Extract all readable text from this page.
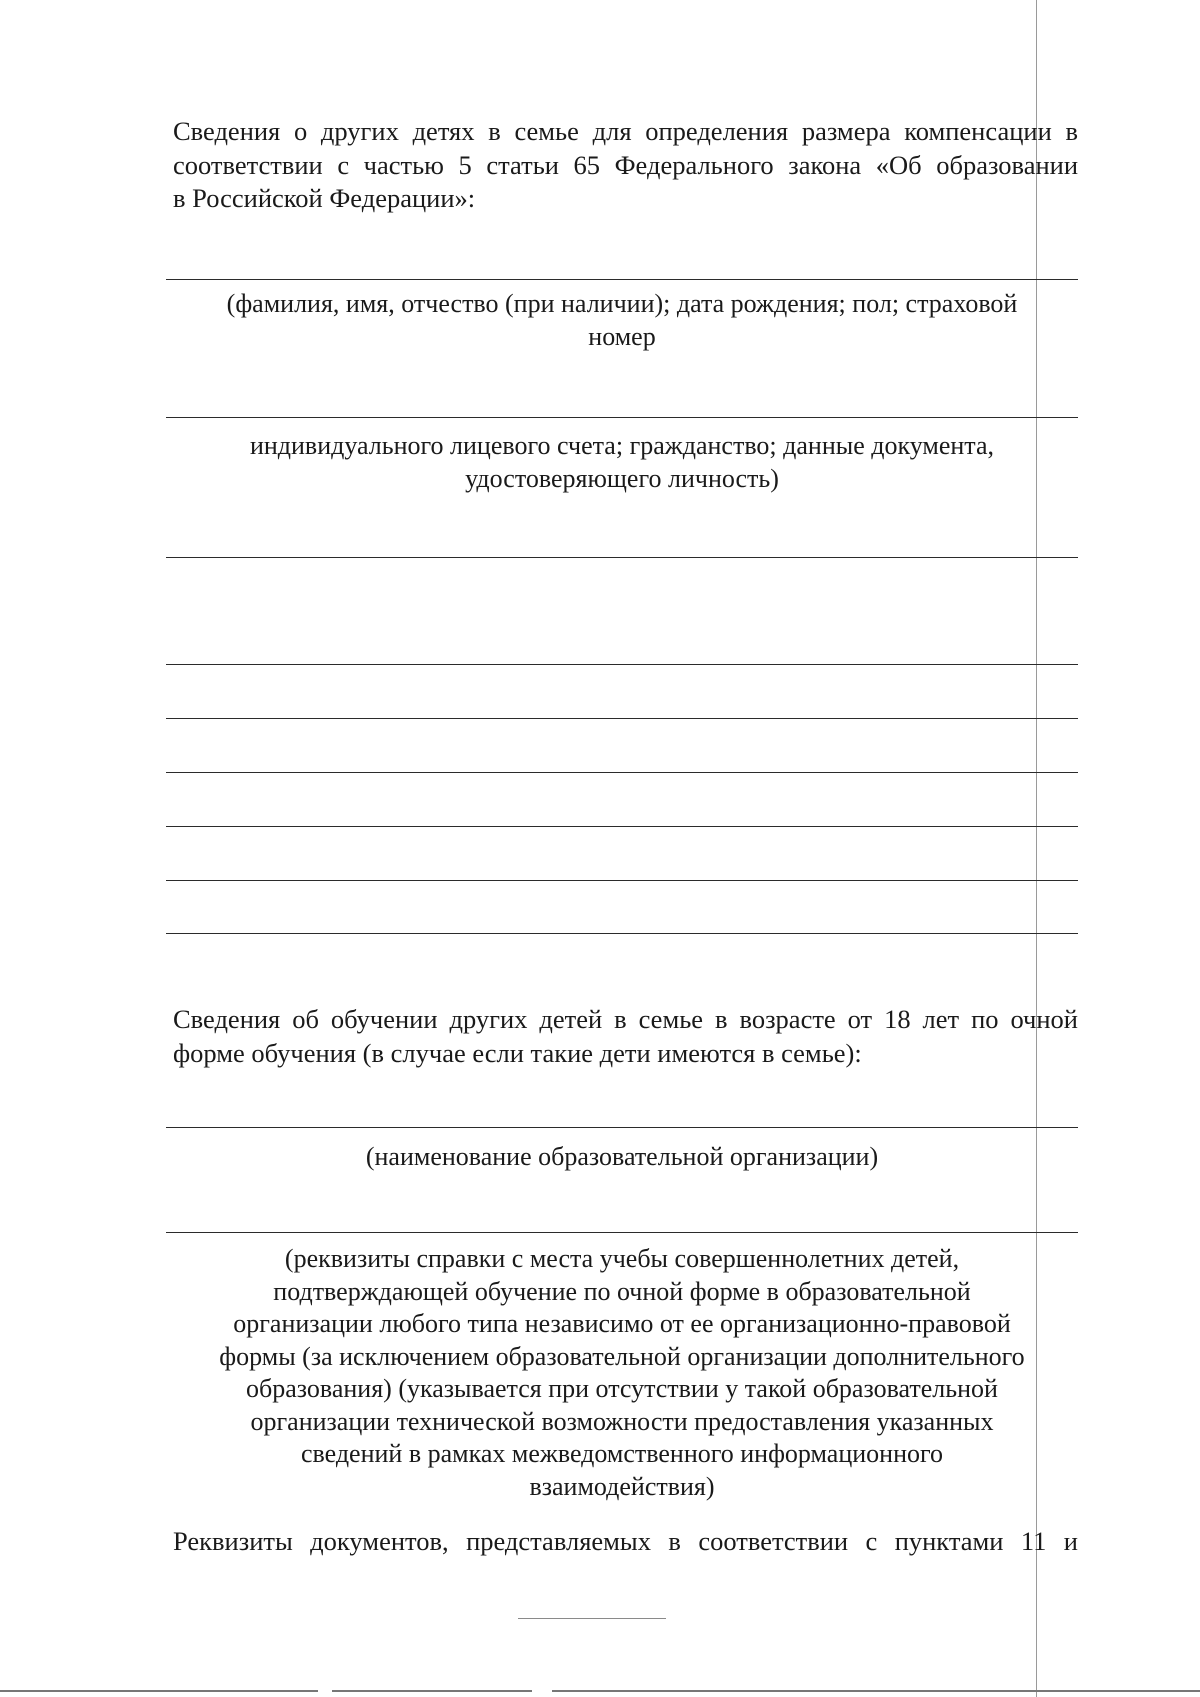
Сведения о других детях в семье для определения размера компенсации в
соответствии с частью 5 статьи 65 Федерального закона «Об образовании
в Российской Федерации»:
(фамилия, имя, отчество (при наличии); дата рождения; пол; страховой
номер
индивидуального лицевого счета; гражданство; данные документа,
удостоверяющего личность)
Сведения об обучении других детей в семье в возрасте от 18 лет по очной
форме обучения (в случае если такие дети имеются в семье):
(наименование образовательной организации)
(реквизиты справки с места учебы совершеннолетних детей,
подтверждающей обучение по очной форме в образовательной
организации любого типа независимо от ее организационно-правовой
формы (за исключением образовательной организации дополнительного
образования) (указывается при отсутствии у такой образовательной
организации технической возможности предоставления указанных
сведений в рамках межведомственного информационного
взаимодействия)
Реквизиты документов, представляемых в соответствии с пунктами 11 и
